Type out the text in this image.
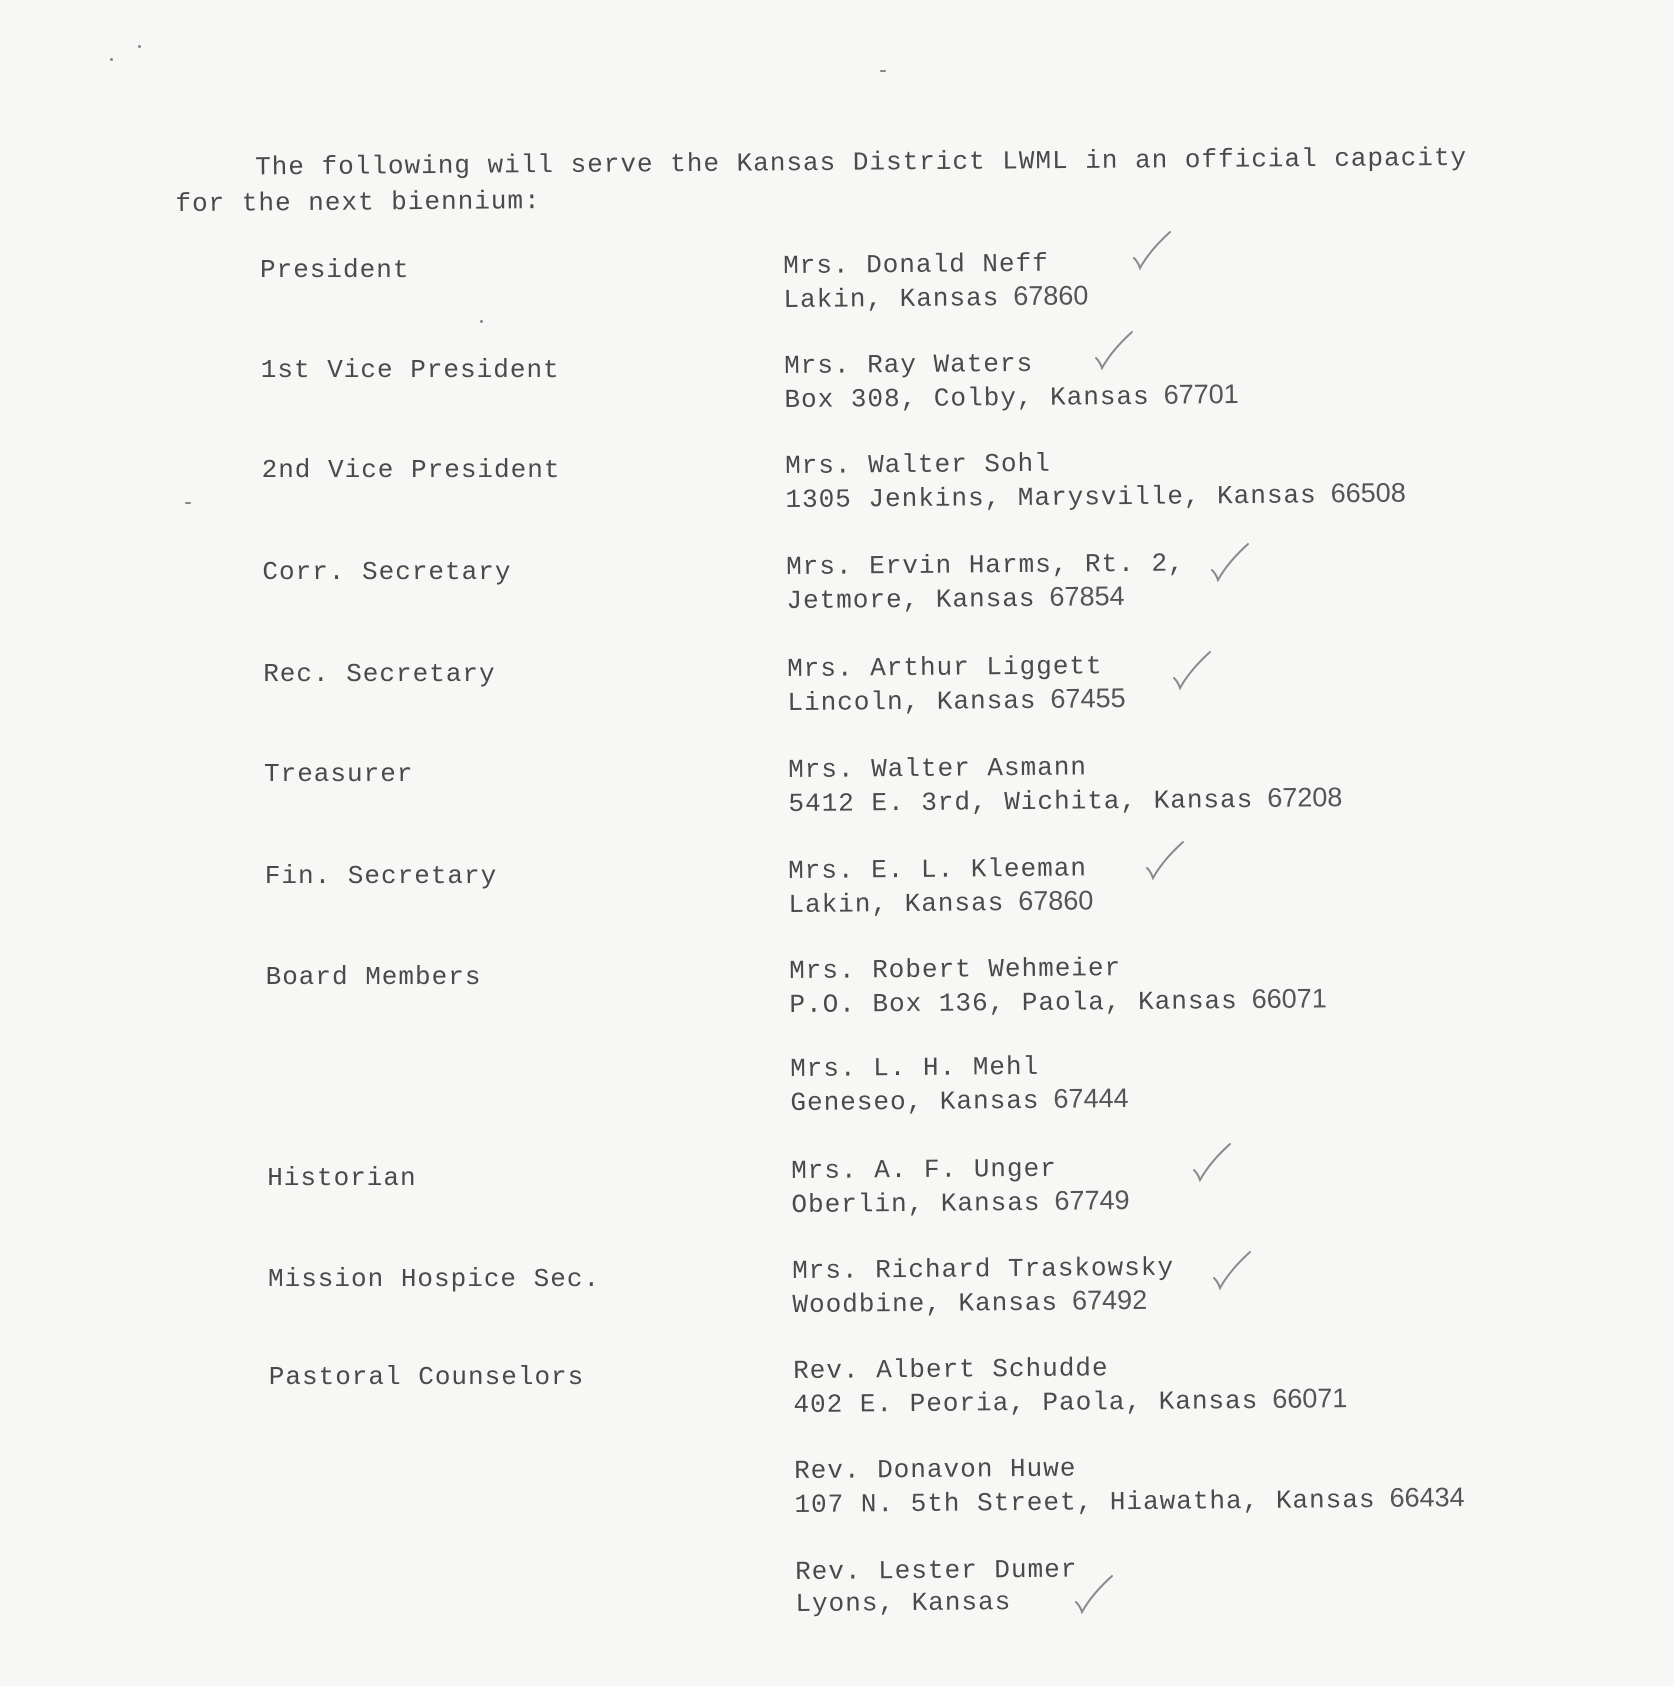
The following will serve the Kansas District LWML in an official capacity
for the next biennium:
President	Mrs. Donald Neff
Lakin, Kansas 67860
1st Vice President	Mrs. Ray Waters
Box 308, Colby, Kansas 67701
2nd Vice President	Mrs. Walter Sohl
1305 Jenkins, Marysville, Kansas 66508
Corr. Secretary	Mrs. Ervin Harms, Rt. 2,
Jetmore, Kansas 67854
Rec. Secretary	Mrs. Arthur Liggett
Lincoln, Kansas 67455
Treasurer	Mrs. Walter Asmann
5412 E. 3rd, Wichita, Kansas 67208
Fin. Secretary	Mrs. E. L. Kleeman
Lakin, Kansas 67860
Board Members	Mrs. Robert Wehmeier
P.O. Box 136, Paola, Kansas 66071
Mrs. L. H. Mehl
Geneseo, Kansas 67444
Historian	Mrs. A. F. Unger
Oberlin, Kansas 67749
Mission Hospice Sec.	Mrs. Richard Traskowsky
Woodbine, Kansas 67492
Pastoral Counselors	Rev. Albert Schudde
402 E. Peoria, Paola, Kansas 66071
Rev. Donavon Huwe
107 N. 5th Street, Hiawatha, Kansas 66434
Rev. Lester Dumer
Lyons, Kansas
